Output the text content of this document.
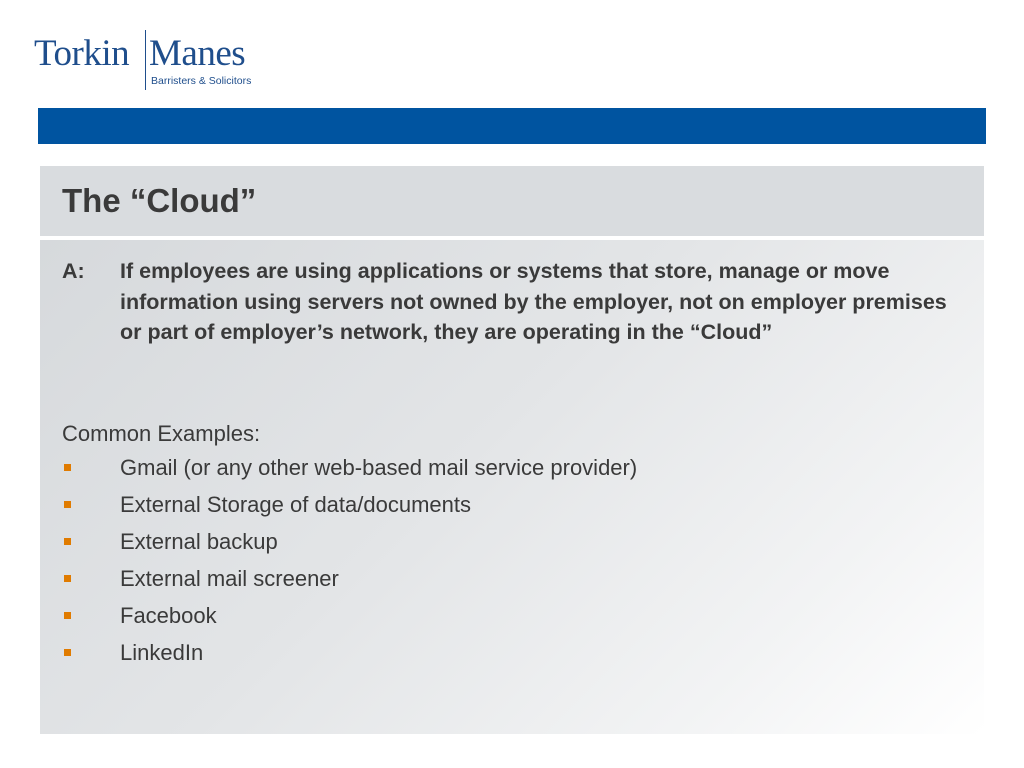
Torkin Manes
Barristers & Solicitors
The “Cloud”
A: If employees are using applications or systems that store, manage or move information using servers not owned by the employer, not on employer premises or part of employer’s network, they are operating in the “Cloud”
Common Examples:
Gmail (or any other web-based mail service provider)
External Storage of data/documents
External backup
External mail screener
Facebook
LinkedIn
